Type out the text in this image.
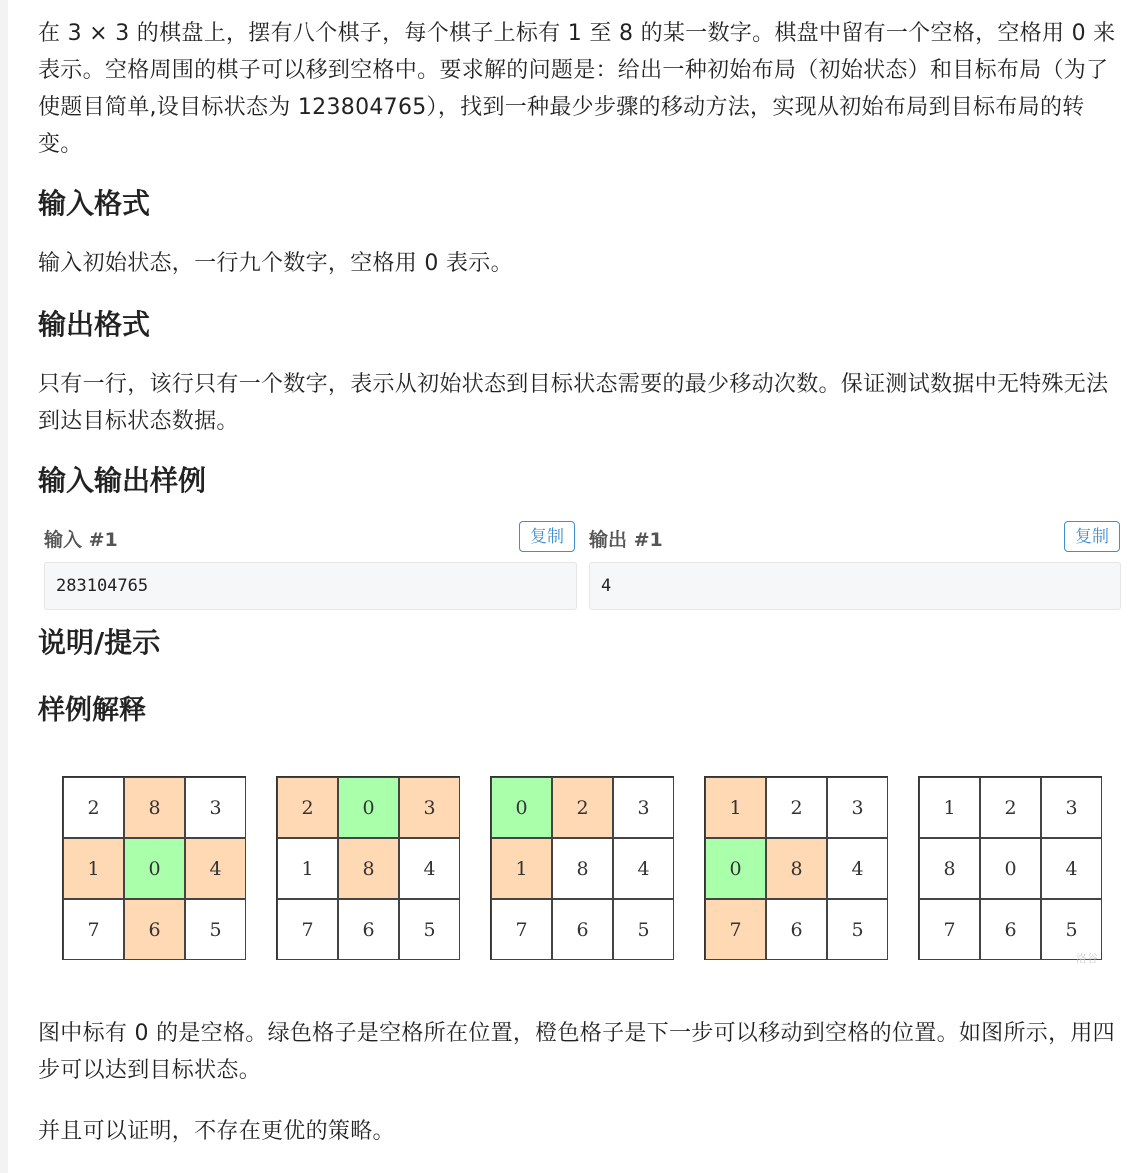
在 3 × 3 的棋盘上，摆有八个棋子，每个棋子上标有 1 至 8 的某一数字。棋盘中留有一个空格，空格用 0 来表示。空格周围的棋子可以移到空格中。要求解的问题是：给出一种初始布局（初始状态）和目标布局（为了使题目简单,设目标状态为 123804765），找到一种最少步骤的移动方法，实现从初始布局到目标布局的转变。

输入格式

输入初始状态，一行九个数字，空格用 0 表示。

输出格式

只有一行，该行只有一个数字，表示从初始状态到目标状态需要的最少移动次数。保证测试数据中无特殊无法到达目标状态数据。

输入输出样例
输入 #1	复制
283104765
输出 #1	复制
4
说明/提示
样例解释
2	8	3
1	0	4
7	6	5
2	0	3
1	8	4
7	6	5
0	2	3
1	8	4
7	6	5
1	2	3
0	8	4
7	6	5
1	2	3
8	0	4
7	6	5
洛谷

图中标有 0 的是空格。绿色格子是空格所在位置，橙色格子是下一步可以移动到空格的位置。如图所示，用四步可以达到目标状态。

并且可以证明，不存在更优的策略。
